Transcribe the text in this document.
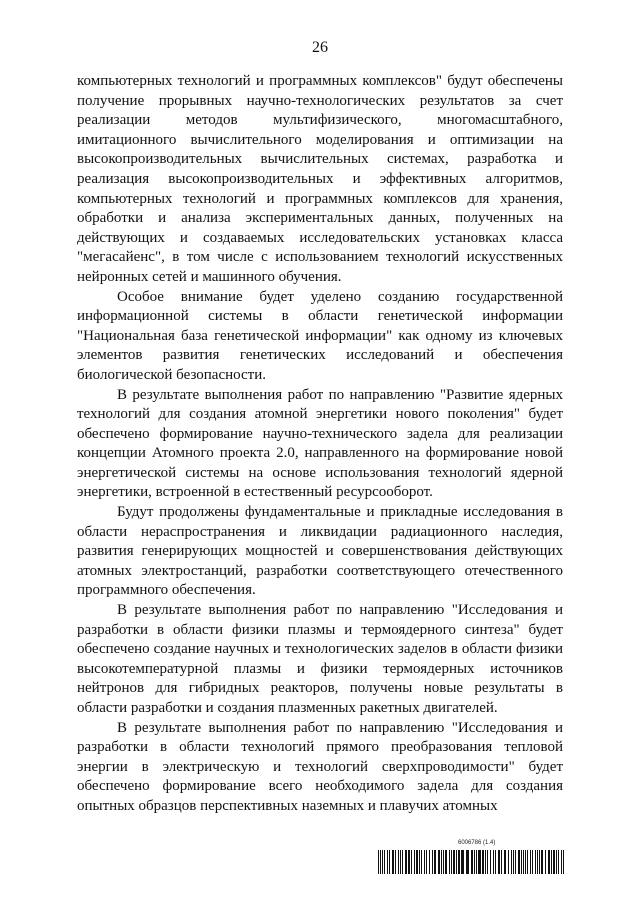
26

компьютерных технологий и программных комплексов" будут обеспечены получение прорывных научно-технологических результатов за счет реализации методов мультифизического, многомасштабного, имитационного вычислительного моделирования и оптимизации на высокопроизводительных вычислительных системах, разработка и реализация высокопроизводительных и эффективных алгоритмов, компьютерных технологий и программных комплексов для хранения, обработки и анализа экспериментальных данных, полученных на действующих и создаваемых исследовательских установках класса "мегасайенс", в том числе с использованием технологий искусственных нейронных сетей и машинного обучения.

Особое внимание будет уделено созданию государственной информационной системы в области генетической информации "Национальная база генетической информации" как одному из ключевых элементов развития генетических исследований и обеспечения биологической безопасности.

В результате выполнения работ по направлению "Развитие ядерных технологий для создания атомной энергетики нового поколения" будет обеспечено формирование научно-технического задела для реализации концепции Атомного проекта 2.0, направленного на формирование новой энергетической системы на основе использования технологий ядерной энергетики, встроенной в естественный ресурсооборот.

Будут продолжены фундаментальные и прикладные исследования в области нераспространения и ликвидации радиационного наследия, развития генерирующих мощностей и совершенствования действующих атомных электростанций, разработки соответствующего отечественного программного обеспечения.

В результате выполнения работ по направлению "Исследования и разработки в области физики плазмы и термоядерного синтеза" будет обеспечено создание научных и технологических заделов в области физики высокотемпературной плазмы и физики термоядерных источников нейтронов для гибридных реакторов, получены новые результаты в области разработки и создания плазменных ракетных двигателей.

В результате выполнения работ по направлению "Исследования и разработки в области технологий прямого преобразования тепловой энергии в электрическую и технологий сверхпроводимости" будет обеспечено формирование всего необходимого задела для создания опытных образцов перспективных наземных и плавучих атомных

6006786 (1.4)
